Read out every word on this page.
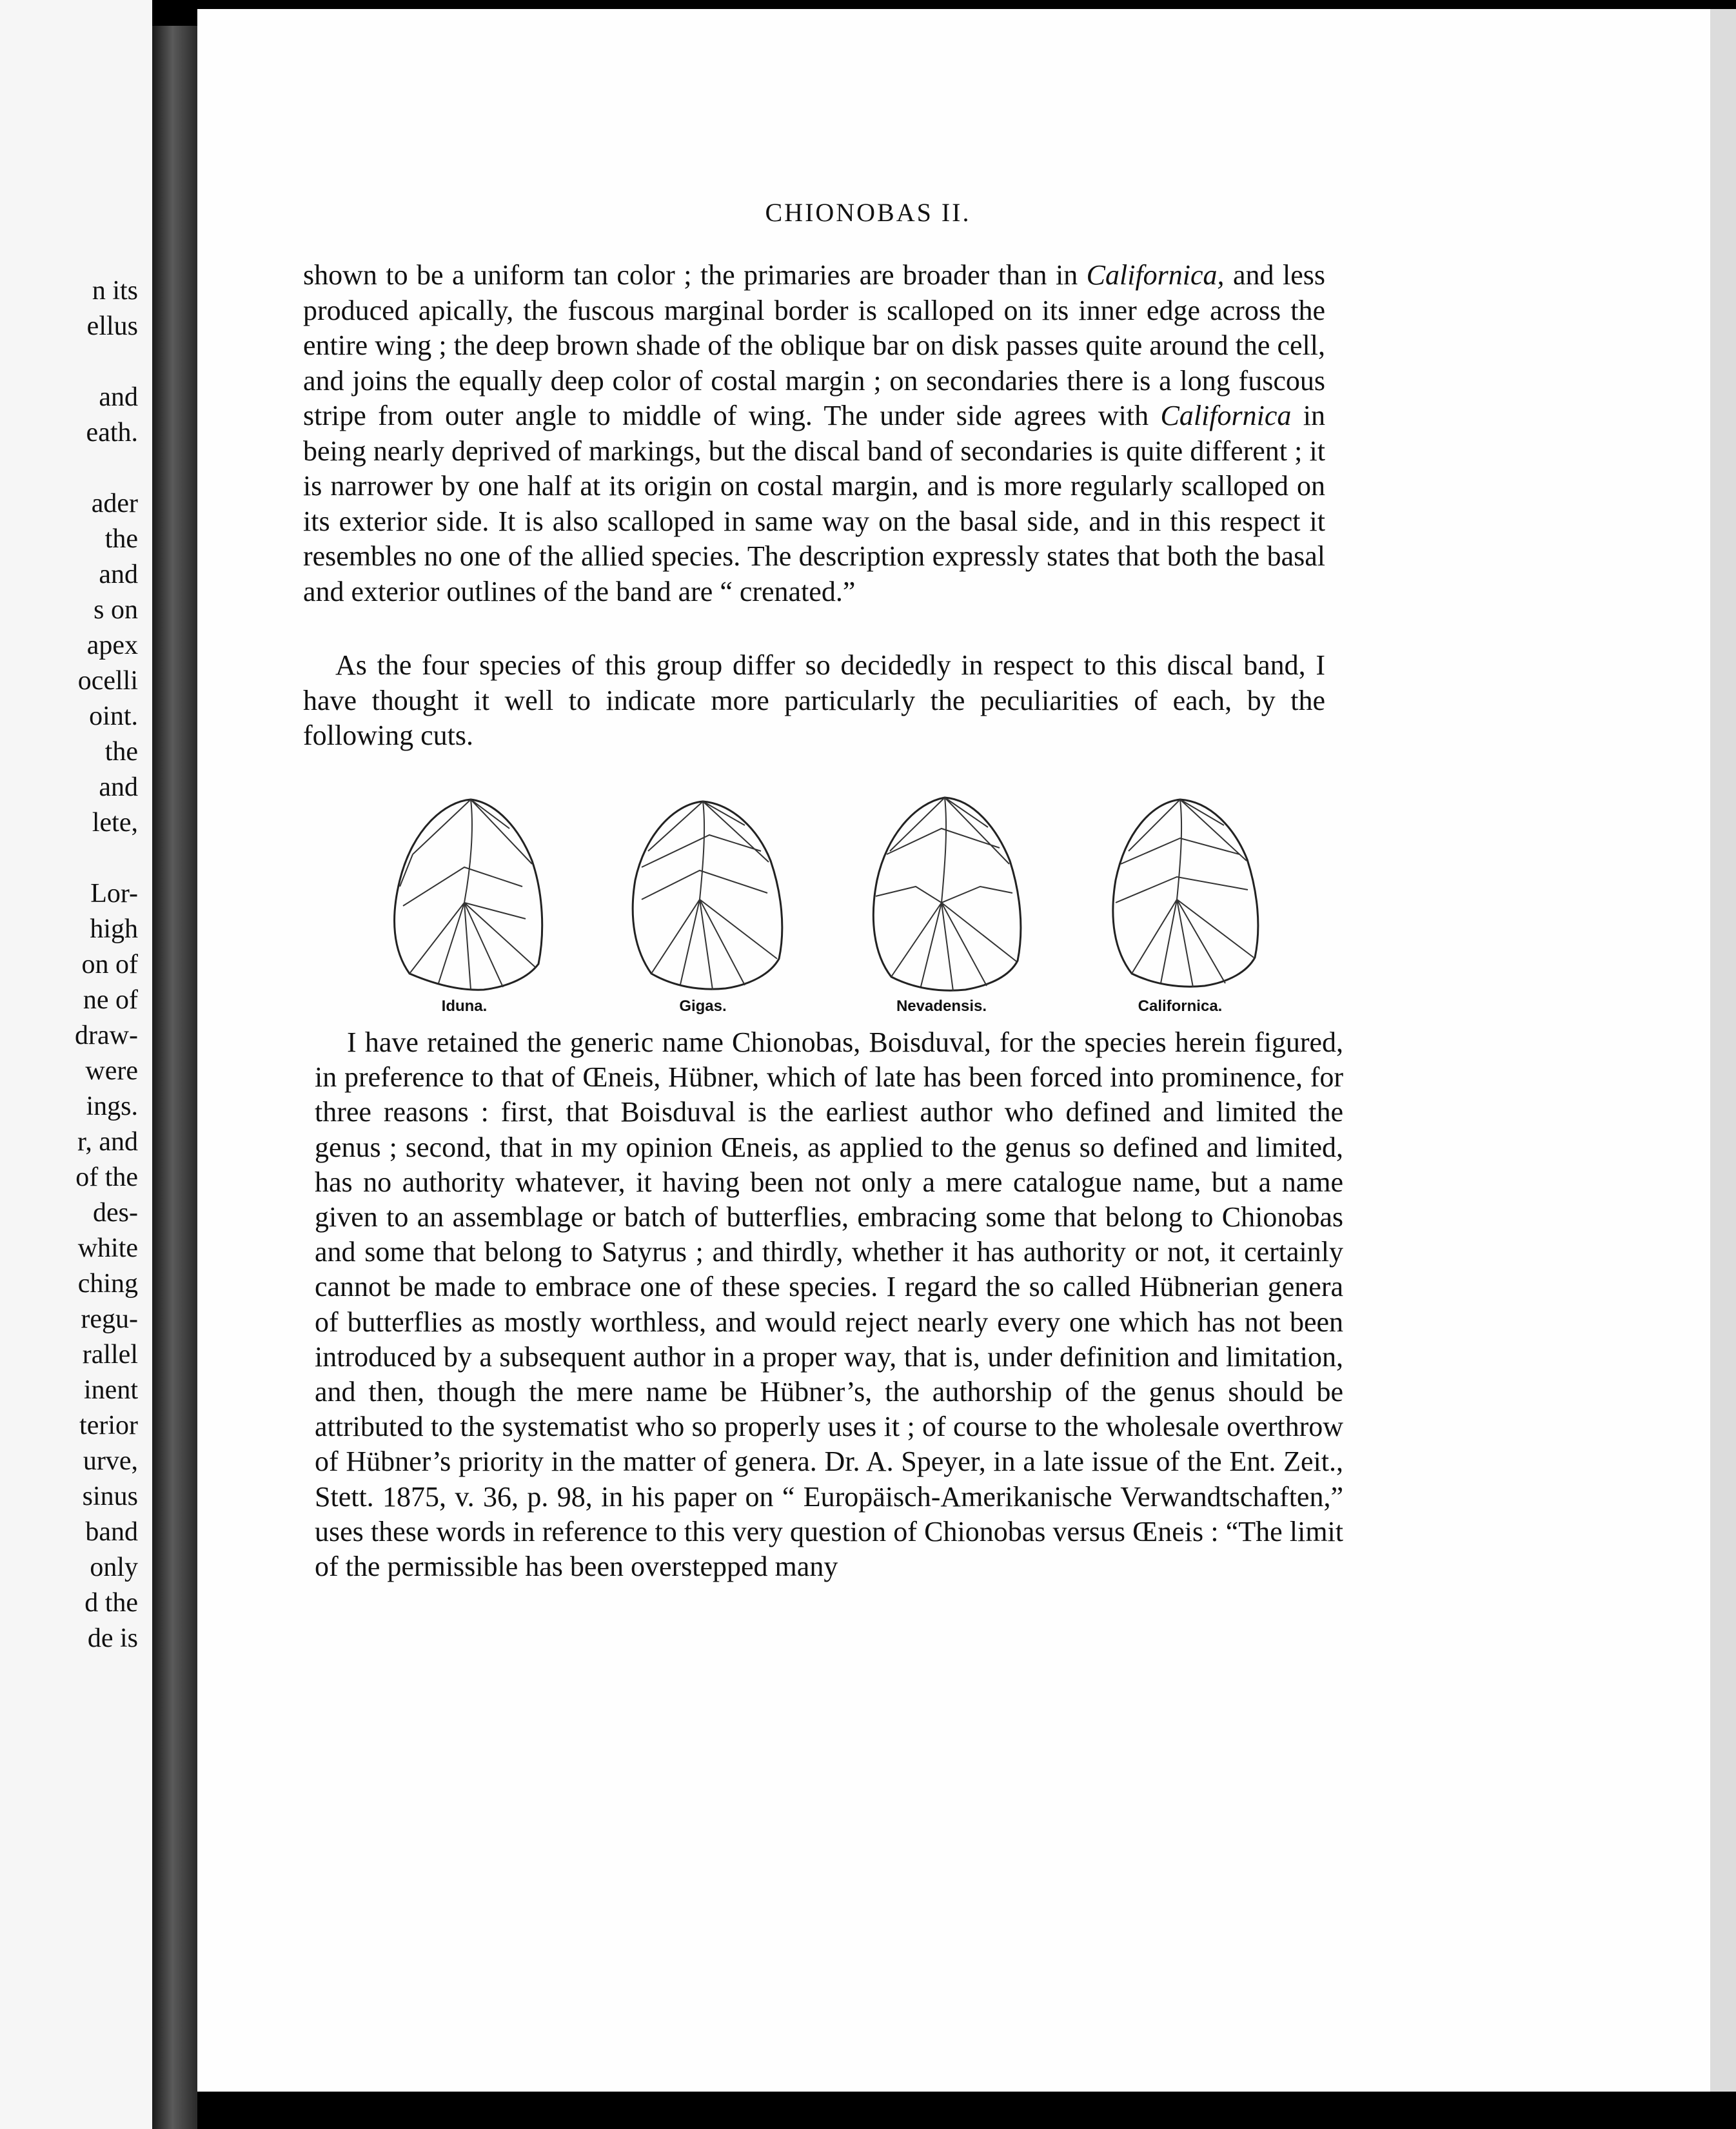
n its
ellus
and
eath.
ader
the
and
s on
apex
ocelli
oint.
the
and
lete,
Lor-
high
on of
ne of
draw-
were
ings.
r, and
of the
des-
white
ching
regu-
rallel
inent
terior
urve,
sinus
band
only
d the
de is
CHIONOBAS II.

shown to be a uniform tan color ; the primaries are broader than in Californica, and less produced apically, the fuscous marginal border is scalloped on its inner edge across the entire wing ; the deep brown shade of the oblique bar on disk passes quite around the cell, and joins the equally deep color of costal margin ; on secondaries there is a long fuscous stripe from outer angle to middle of wing. The under side agrees with Californica in being nearly deprived of markings, but the discal band of secondaries is quite different ; it is narrower by one half at its origin on costal margin, and is more regularly scalloped on its exterior side. It is also scalloped in same way on the basal side, and in this respect it resembles no one of the allied species. The description expressly states that both the basal and exterior outlines of the band are “ crenated.”

As the four species of this group differ so decidedly in respect to this discal band, I have thought it well to indicate more particularly the peculiarities of each, by the following cuts.

Iduna.	Gigas.	Nevadensis.	Californica.

I have retained the generic name Chionobas, Boisduval, for the species herein figured, in preference to that of Œneis, Hübner, which of late has been forced into prominence, for three reasons : first, that Boisduval is the earliest author who defined and limited the genus ; second, that in my opinion Œneis, as applied to the genus so defined and limited, has no authority whatever, it having been not only a mere catalogue name, but a name given to an assemblage or batch of butterflies, embracing some that belong to Chionobas and some that belong to Satyrus ; and thirdly, whether it has authority or not, it certainly cannot be made to embrace one of these species. I regard the so called Hübnerian genera of butterflies as mostly worthless, and would reject nearly every one which has not been introduced by a subsequent author in a proper way, that is, under definition and limitation, and then, though the mere name be Hübner’s, the authorship of the genus should be attributed to the systematist who so properly uses it ; of course to the wholesale overthrow of Hübner’s priority in the matter of genera. Dr. A. Speyer, in a late issue of the Ent. Zeit., Stett. 1875, v. 36, p. 98, in his paper on “ Europäisch-Amerikanische Verwandtschaften,” uses these words in reference to this very question of Chionobas versus Œneis : “The limit of the permissible has been overstepped many
